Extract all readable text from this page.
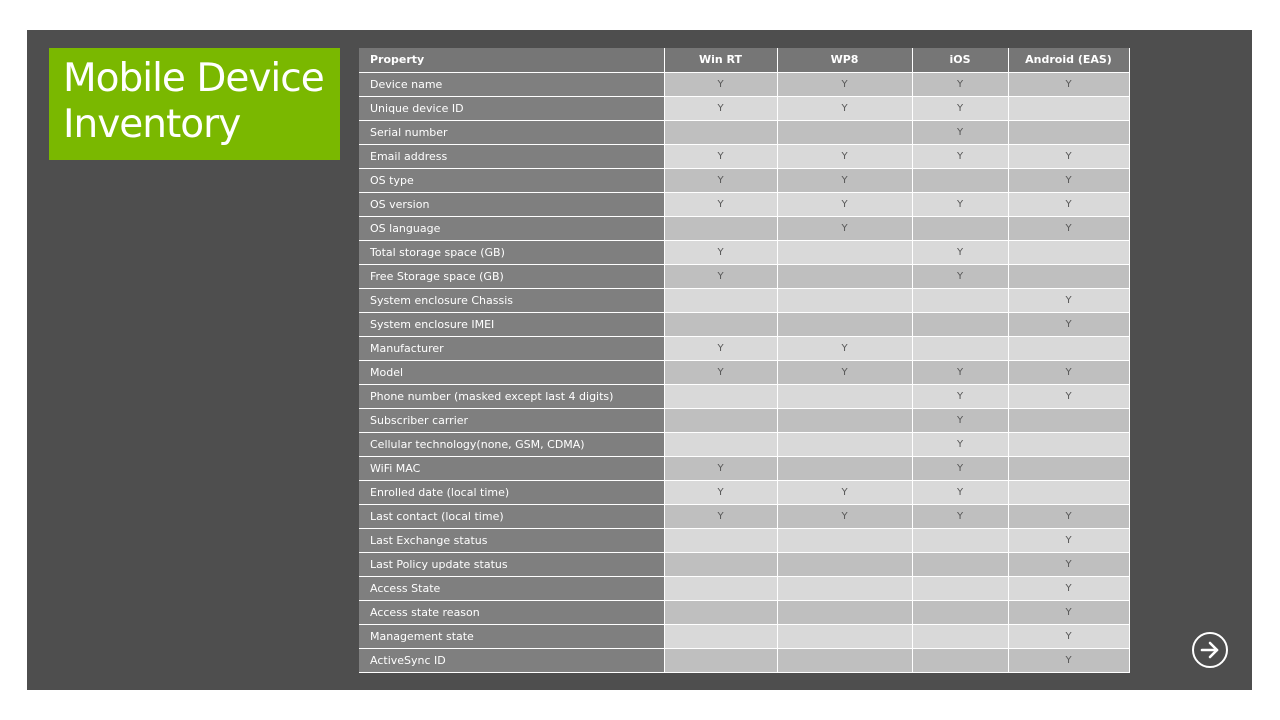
Mobile Device
Inventory
Property	Win RT	WP8	iOS	Android (EAS)
Device name	Y	Y	Y	Y
Unique device ID	Y	Y	Y	
Serial number			Y	
Email address	Y	Y	Y	Y
OS type	Y	Y		Y
OS version	Y	Y	Y	Y
OS language		Y		Y
Total storage space (GB)	Y		Y	
Free Storage space (GB)	Y		Y	
System enclosure Chassis				Y
System enclosure IMEI				Y
Manufacturer	Y	Y		
Model	Y	Y	Y	Y
Phone number (masked except last 4 digits)			Y	Y
Subscriber carrier			Y	
Cellular technology(none, GSM, CDMA)			Y	
WiFi MAC	Y		Y	
Enrolled date (local time)	Y	Y	Y	
Last contact (local time)	Y	Y	Y	Y
Last Exchange status				Y
Last Policy update status				Y
Access State				Y
Access state reason				Y
Management state				Y
ActiveSync ID				Y
